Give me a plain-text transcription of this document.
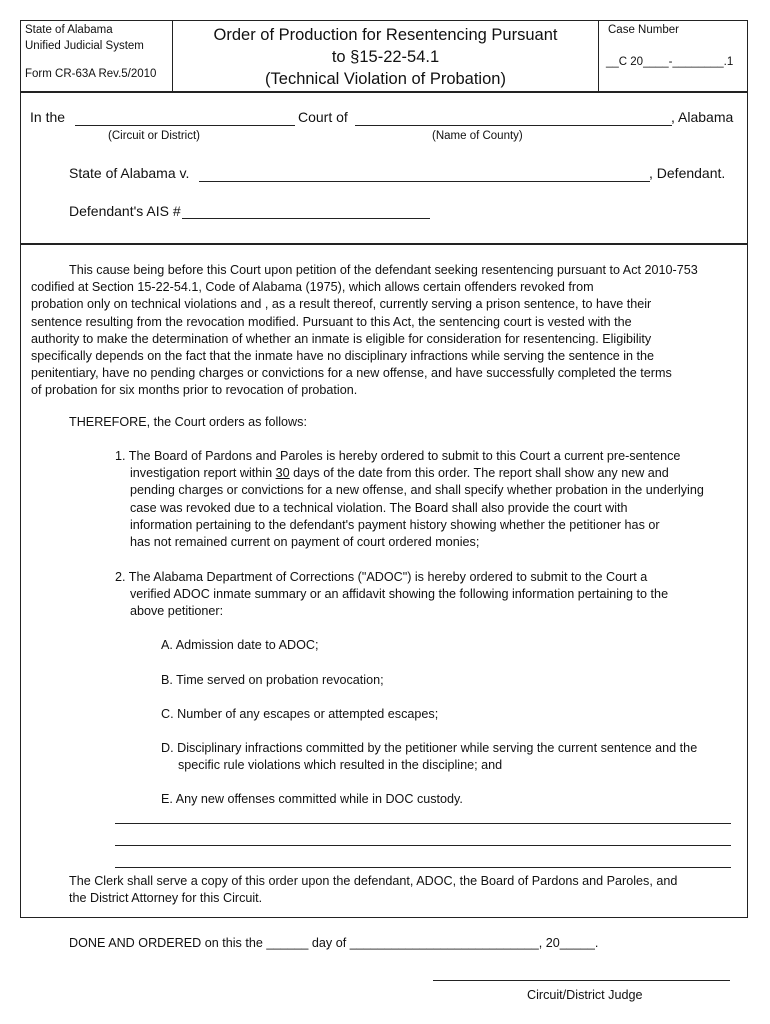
State of Alabama
Unified Judicial System
Form CR-63A Rev.5/2010
Order of Production for Resentencing Pursuant
to §15-22-54.1
(Technical Violation of Probation)
Case Number
__C 20____-________.1
In the	Court of	, Alabama
(Circuit or District)	(Name of County)
State of Alabama v.	, Defendant.
Defendant's AIS #
This cause being before this Court upon petition of the defendant seeking resentencing pursuant to Act 2010-753
codified at Section 15-22-54.1, Code of Alabama (1975), which allows certain offenders revoked from
probation only on technical violations and , as a result thereof, currently serving a prison sentence, to have their
sentence resulting from the revocation modified. Pursuant to this Act, the sentencing court is vested with the
authority to make the determination of whether an inmate is eligible for consideration for resentencing. Eligibility
specifically depends on the fact that the inmate have no disciplinary infractions while serving the sentence in the
penitentiary, have no pending charges or convictions for a new offense, and have successfully completed the terms
of probation for six months prior to revocation of probation.
THEREFORE, the Court orders as follows:
1. The Board of Pardons and Paroles is hereby ordered to submit to this Court a current pre-sentence
investigation report within 30 days of the date from this order. The report shall show any new and
pending charges or convictions for a new offense, and shall specify whether probation in the underlying
case was revoked due to a technical violation. The Board shall also provide the court with
information pertaining to the defendant's payment history showing whether the petitioner has or
has not remained current on payment of court ordered monies;
2. The Alabama Department of Corrections ("ADOC") is hereby ordered to submit to the Court a
verified ADOC inmate summary or an affidavit showing the following information pertaining to the
above petitioner:
A. Admission date to ADOC;
B. Time served on probation revocation;
C. Number of any escapes or attempted escapes;
D. Disciplinary infractions committed by the petitioner while serving the current sentence and the
specific rule violations which resulted in the discipline; and
E. Any new offenses committed while in DOC custody.
The Clerk shall serve a copy of this order upon the defendant, ADOC, the Board of Pardons and Paroles, and
the District Attorney for this Circuit.
DONE AND ORDERED on this the ______ day of ___________________________, 20_____.
Circuit/District Judge
